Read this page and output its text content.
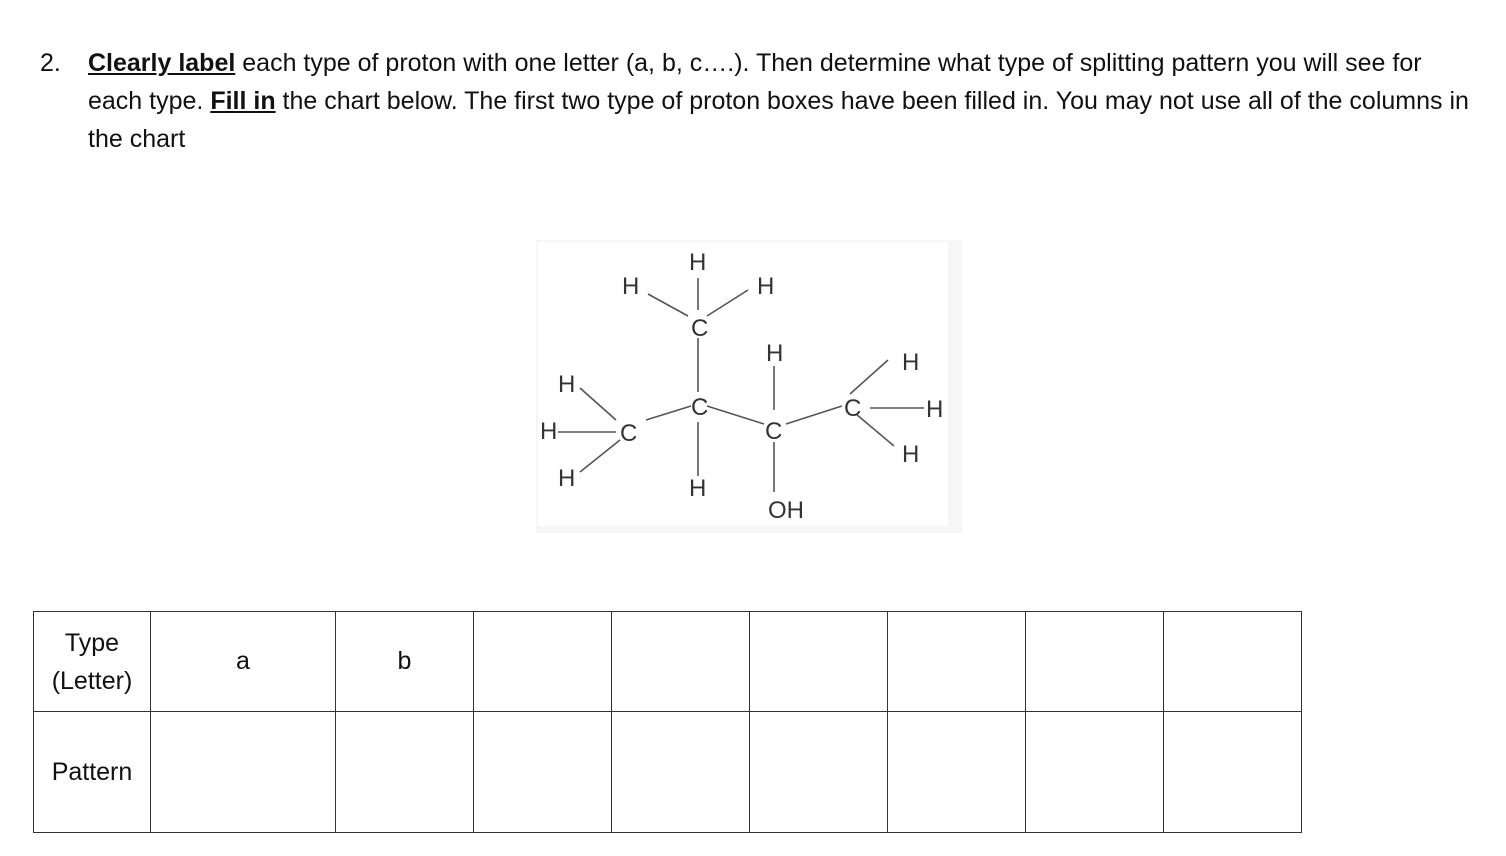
2. Clearly label each type of proton with one letter (a, b, c….). Then determine what type of splitting pattern you will see for each type. Fill in the chart below. The first two type of proton boxes have been filled in. You may not use all of the columns in the chart
H
H	H
C
H
H
H	C
C
C
C
H
H
H
H	H
OH
Type
(Letter)	a	b						
Pattern								
